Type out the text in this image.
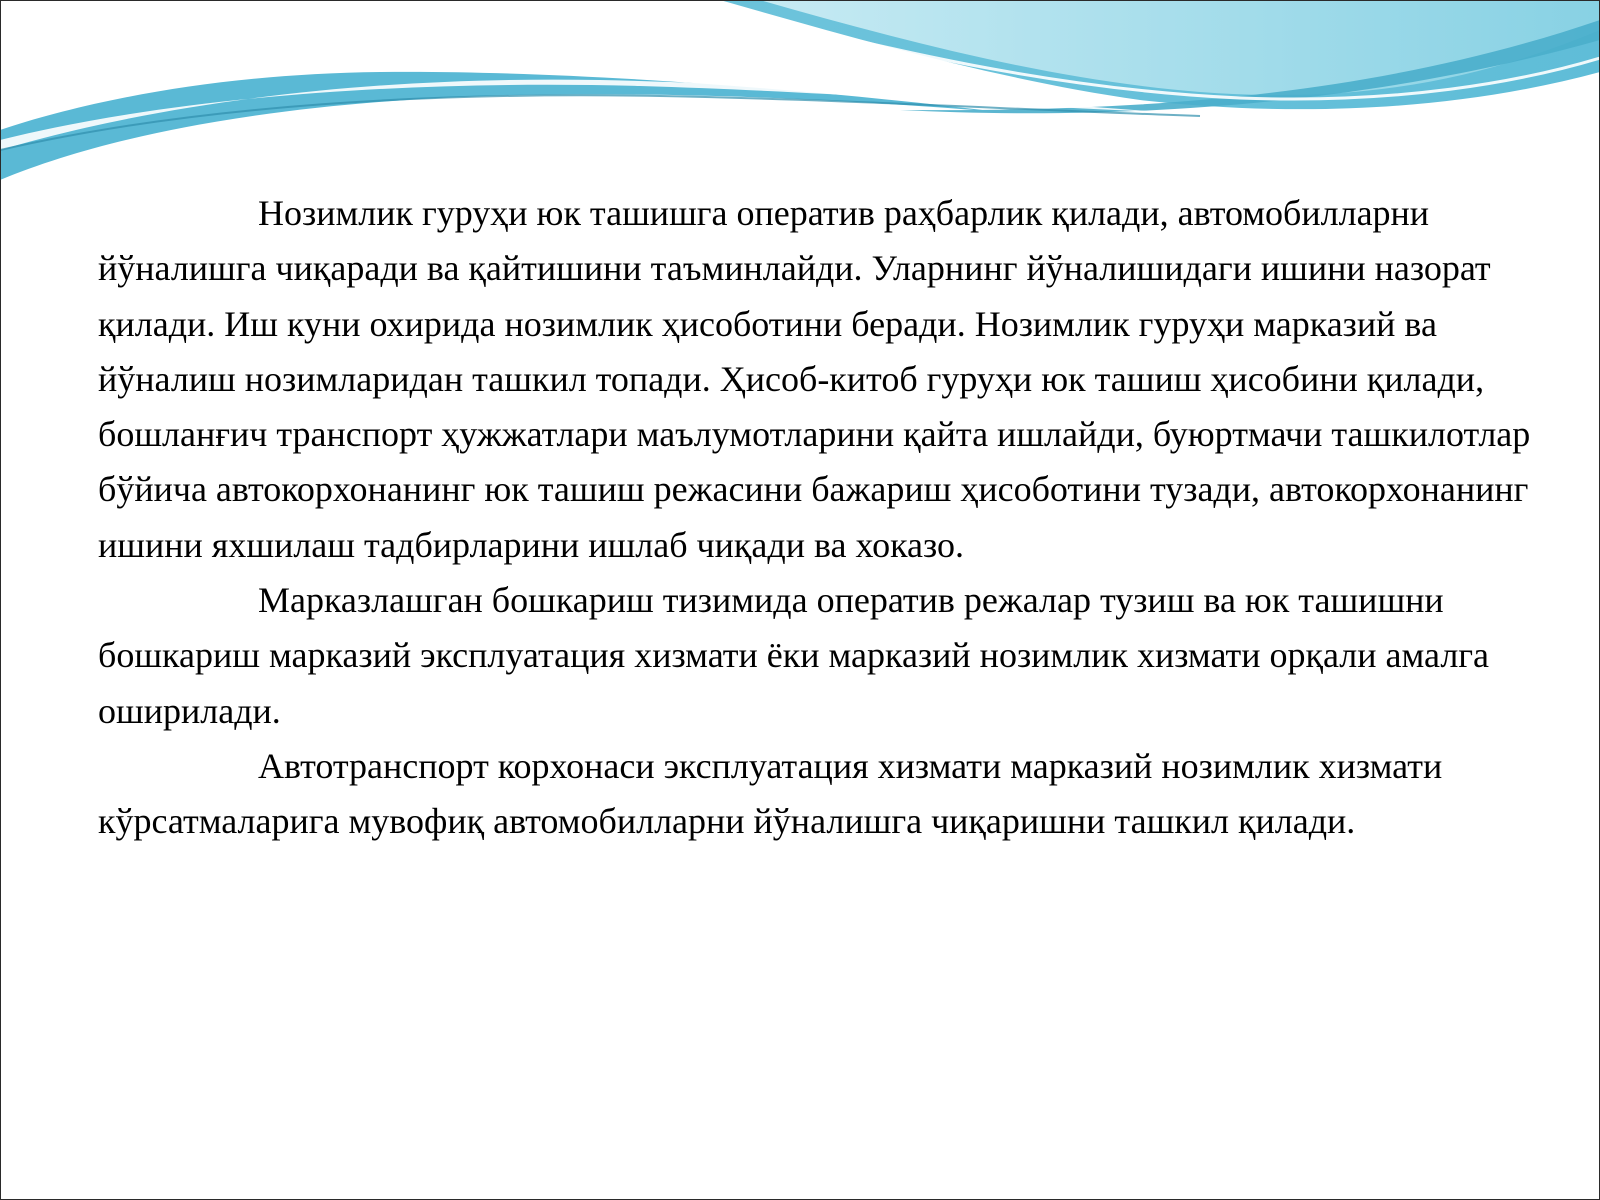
Нозимлик гуруҳи юк ташишга оператив раҳбарлик қилади, автомобилларни йўналишга чиқаради ва қайтишини таъминлайди. Уларнинг йўналишидаги ишини назорат қилади. Иш куни охирида нозимлик ҳисоботини беради. Нозимлик гуруҳи марказий ва йўналиш нозимларидан ташкил топади. Ҳисоб-китоб гуруҳи юк ташиш ҳисобини қилади, бошланғич транспорт ҳужжатлари маълумотларини қайта ишлайди, буюртмачи ташкилотлар бўйича автокорхонанинг юк ташиш режасини бажариш ҳисоботини тузади, автокорхонанинг ишини яхшилаш тадбирларини ишлаб чиқади ва хоказо.

Марказлашган бошкариш тизимида оператив режалар тузиш ва юк ташишни бошкариш марказий эксплуатация хизмати ёки марказий нозимлик хизмати орқали амалга оширилади.

Автотранспорт корхонаси эксплуатация хизмати марказий нозимлик хизмати кўрсатмаларига мувофиқ автомобилларни йўналишга чиқаришни ташкил қилади.
